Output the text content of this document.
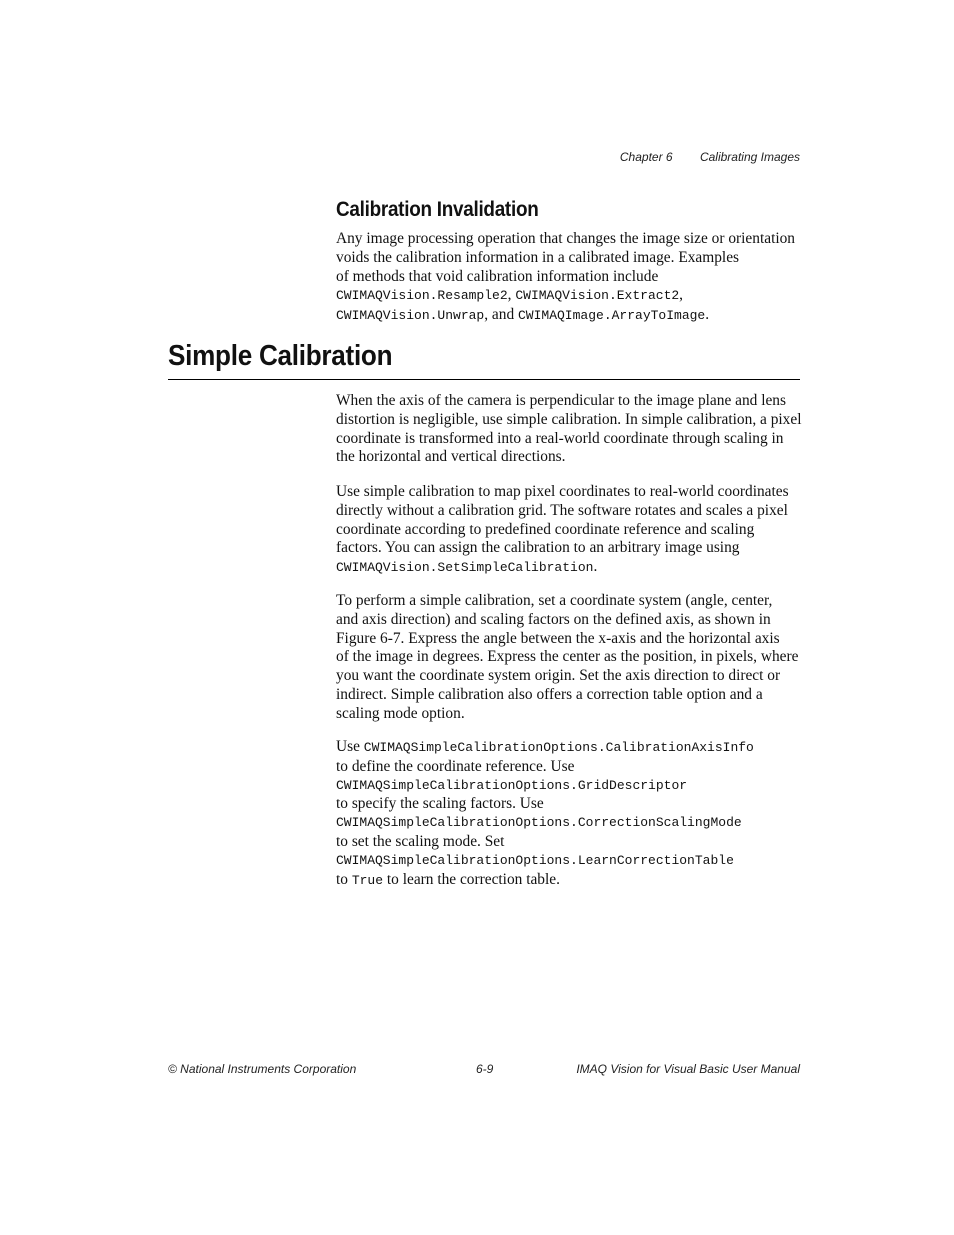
Chapter 6 Calibrating Images
Calibration Invalidation
Any image processing operation that changes the image size or orientation
voids the calibration information in a calibrated image. Examples
of methods that void calibration information include
CWIMAQVision.Resample2, CWIMAQVision.Extract2,
CWIMAQVision.Unwrap, and CWIMAQImage.ArrayToImage.
Simple Calibration
When the axis of the camera is perpendicular to the image plane and lens
distortion is negligible, use simple calibration. In simple calibration, a pixel
coordinate is transformed into a real-world coordinate through scaling in
the horizontal and vertical directions.
Use simple calibration to map pixel coordinates to real-world coordinates
directly without a calibration grid. The software rotates and scales a pixel
coordinate according to predefined coordinate reference and scaling
factors. You can assign the calibration to an arbitrary image using
CWIMAQVision.SetSimpleCalibration.
To perform a simple calibration, set a coordinate system (angle, center,
and axis direction) and scaling factors on the defined axis, as shown in
Figure 6-7. Express the angle between the x-axis and the horizontal axis
of the image in degrees. Express the center as the position, in pixels, where
you want the coordinate system origin. Set the axis direction to direct or
indirect. Simple calibration also offers a correction table option and a
scaling mode option.
Use CWIMAQSimpleCalibrationOptions.CalibrationAxisInfo
to define the coordinate reference. Use
CWIMAQSimpleCalibrationOptions.GridDescriptor
to specify the scaling factors. Use
CWIMAQSimpleCalibrationOptions.CorrectionScalingMode
to set the scaling mode. Set
CWIMAQSimpleCalibrationOptions.LearnCorrectionTable
to True to learn the correction table.
© National Instruments Corporation	6-9	IMAQ Vision for Visual Basic User Manual
